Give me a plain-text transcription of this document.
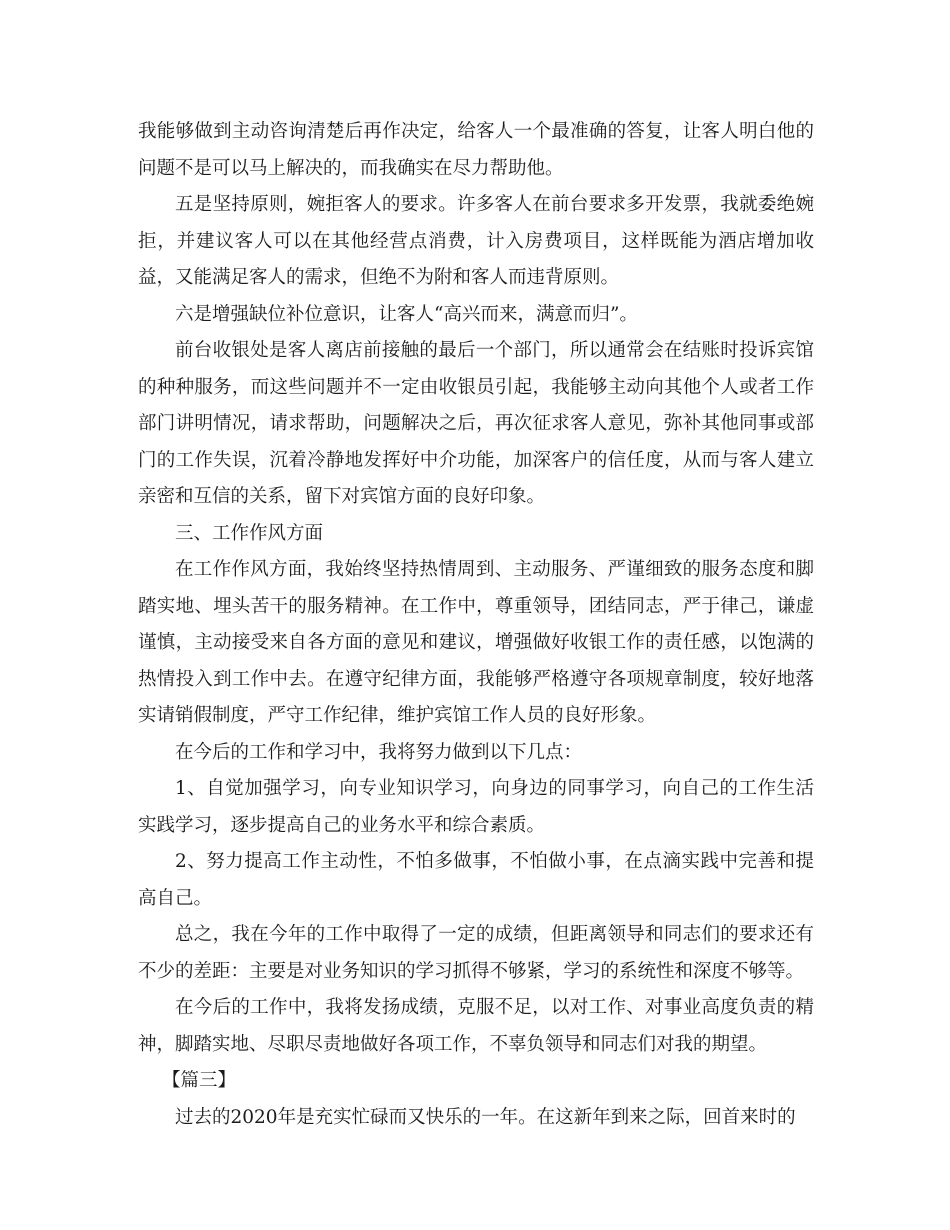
我能够做到主动咨询清楚后再作决定，给客人一个最准确的答复，让客人明白他的问题不是可以马上解决的，而我确实在尽力帮助他。

五是坚持原则，婉拒客人的要求。许多客人在前台要求多开发票，我就委绝婉拒，并建议客人可以在其他经营点消费，计入房费项目，这样既能为酒店增加收益，又能满足客人的需求，但绝不为附和客人而违背原则。

六是增强缺位补位意识，让客人“高兴而来，满意而归”。

前台收银处是客人离店前接触的最后一个部门，所以通常会在结账时投诉宾馆的种种服务，而这些问题并不一定由收银员引起，我能够主动向其他个人或者工作部门讲明情况，请求帮助，问题解决之后，再次征求客人意见，弥补其他同事或部门的工作失误，沉着冷静地发挥好中介功能，加深客户的信任度，从而与客人建立亲密和互信的关系，留下对宾馆方面的良好印象。

三、工作作风方面

在工作作风方面，我始终坚持热情周到、主动服务、严谨细致的服务态度和脚踏实地、埋头苦干的服务精神。在工作中，尊重领导，团结同志，严于律己，谦虚谨慎，主动接受来自各方面的意见和建议，增强做好收银工作的责任感，以饱满的热情投入到工作中去。在遵守纪律方面，我能够严格遵守各项规章制度，较好地落实请销假制度，严守工作纪律，维护宾馆工作人员的良好形象。

在今后的工作和学习中，我将努力做到以下几点：

1、自觉加强学习，向专业知识学习，向身边的同事学习，向自己的工作生活实践学习，逐步提高自己的业务水平和综合素质。

2、努力提高工作主动性，不怕多做事，不怕做小事，在点滴实践中完善和提高自己。

总之，我在今年的工作中取得了一定的成绩，但距离领导和同志们的要求还有不少的差距：主要是对业务知识的学习抓得不够紧，学习的系统性和深度不够等。

在今后的工作中，我将发扬成绩，克服不足，以对工作、对事业高度负责的精神，脚踏实地、尽职尽责地做好各项工作，不辜负领导和同志们对我的期望。

【篇三】

过去的2020年是充实忙碌而又快乐的一年。在这新年到来之际，回首来时的
